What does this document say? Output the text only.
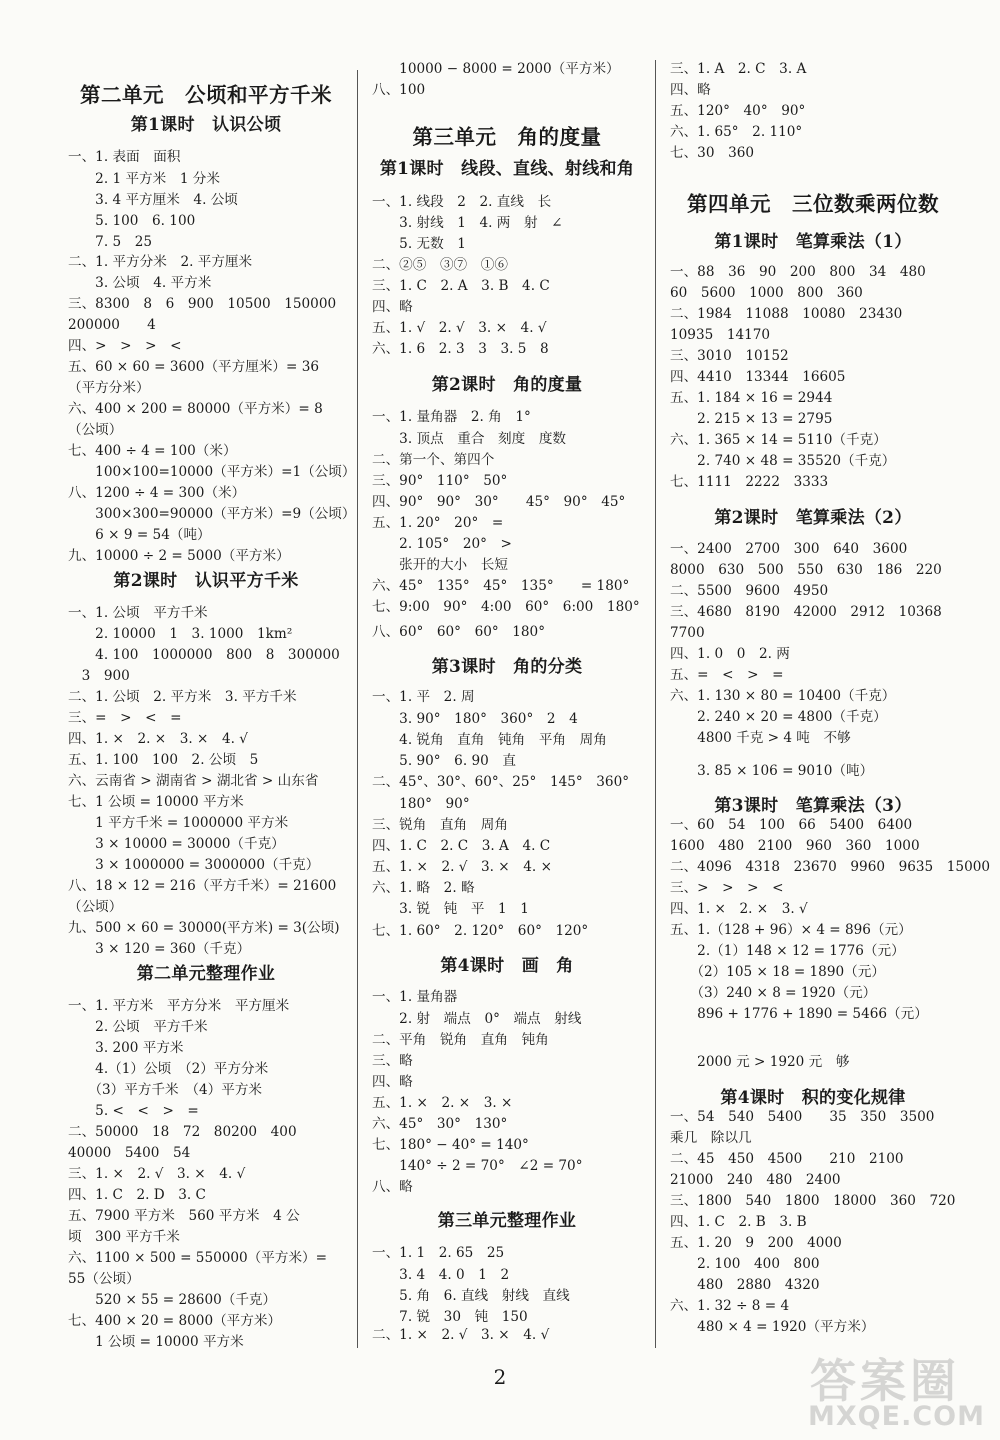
第二单元　公顷和平方千米
第1课时　认识公顷
一、1. 表面　面积
　　2. 1 平方米　1 分米
　　3. 4 平方厘米　4. 公顷
　　5. 100　6. 100
　　7. 5　25
二、1. 平方分米　2. 平方厘米
　　3. 公顷　4. 平方米
三、8300　8　6　900　10500　150000
200000　　4
四、>　>　>　<
五、60 × 60 = 3600（平方厘米）= 36
（平方分米）
六、400 × 200 = 80000（平方米）= 8
（公顷）
七、400 ÷ 4 = 100（米）
　　100×100=10000（平方米）=1（公顷）
八、1200 ÷ 4 = 300（米）
　　300×300=90000（平方米）=9（公顷）
　　6 × 9 = 54（吨）
九、10000 ÷ 2 = 5000（平方米）
第2课时　认识平方千米
一、1. 公顷　平方千米
　　2. 10000　1　3. 1000　1km²
　　4. 100　1000000　800　8　300000
　3　900
二、1. 公顷　2. 平方米　3. 平方千米
三、=　>　<　=
四、1. ×　2. ×　3. ×　4. √
五、1. 100　100　2. 公顷　5
六、云南省 > 湖南省 > 湖北省 > 山东省
七、1 公顷 = 10000 平方米
　　1 平方千米 = 1000000 平方米
　　3 × 10000 = 30000（千克）
　　3 × 1000000 = 3000000（千克）
八、18 × 12 = 216（平方千米）= 21600
（公顷）
九、500 × 60 = 30000(平方米) = 3(公顷)
　　3 × 120 = 360（千克）
第二单元整理作业
一、1. 平方米　平方分米　平方厘米
　　2. 公顷　平方千米
　　3. 200 平方米
　　4.（1）公顷　（2）平方分米
　　（3）平方千米　（4）平方米
　　5. <　<　>　=
二、50000　18　72　80200　400
40000　5400　54
三、1. ×　2. √　3. ×　4. √
四、1. C　2. D　3. C
五、7900 平方米　560 平方米　4 公
顷　300 平方千米
六、1100 × 500 = 550000（平方米）=
55（公顷）
　　520 × 55 = 28600（千克）
七、400 × 20 = 8000（平方米）
　　1 公顷 = 10000 平方米
　　10000 − 8000 = 2000（平方米）
八、100
第三单元　角的度量
第1课时　线段、直线、射线和角
一、1. 线段　2　2. 直线　长
　　3. 射线　1　4. 两　射　∠
　　5. 无数　1
二、②⑤　③⑦　①⑥
三、1. C　2. A　3. B　4. C
四、略
五、1. √　2. √　3. ×　4. √
六、1. 6　2. 3　3　3. 5　8
第2课时　角的度量
一、1. 量角器　2. 角　1°
　　3. 顶点　重合　刻度　度数
二、第一个、第四个
三、90°　110°　50°
四、90°　90°　30°　　45°　90°　45°
五、1. 20°　20°　=
　　2. 105°　20°　>
　　张开的大小　长短
六、45°　135°　45°　135°　　= 180°
七、9:00　90°　4:00　60°　6:00　180°
八、60°　60°　60°　180°
第3课时　角的分类
一、1. 平　2. 周
　　3. 90°　180°　360°　2　4
　　4. 锐角　直角　钝角　平角　周角
　　5. 90°　6. 90　直
二、45°、30°、60°、25°　145°　360°
　　180°　90°
三、锐角　直角　周角
四、1. C　2. C　3. A　4. C
五、1. ×　2. √　3. ×　4. ×
六、1. 略　2. 略
　　3. 锐　钝　平　1　1
七、1. 60°　2. 120°　60°　120°
第4课时　画　角
一、1. 量角器
　　2. 射　端点　0°　端点　射线
二、平角　锐角　直角　钝角
三、略
四、略
五、1. ×　2. ×　3. ×
六、45°　30°　130°
七、180° − 40° = 140°
　　140° ÷ 2 = 70°　∠2 = 70°
八、略
第三单元整理作业
一、1. 1　2. 65　25
　　3. 4　4. 0　1　2
　　5. 角　6. 直线　射线　直线
　　7. 锐　30　钝　150
二、1. ×　2. √　3. ×　4. √
三、1. A　2. C　3. A
四、略
五、120°　40°　90°
六、1. 65°　2. 110°
七、30　360
第四单元　三位数乘两位数
第1课时　笔算乘法（1）
一、88　36　90　200　800　34　480
60　5600　1000　800　360
二、1984　11088　10080　23430
10935　14170
三、3010　10152
四、4410　13344　16605
五、1. 184 × 16 = 2944
　　2. 215 × 13 = 2795
六、1. 365 × 14 = 5110（千克）
　　2. 740 × 48 = 35520（千克）
七、1111　2222　3333
第2课时　笔算乘法（2）
一、2400　2700　300　640　3600
8000　630　500　550　630　186　220
二、5500　9600　4950
三、4680　8190　42000　2912　10368
7700
四、1. 0　0　2. 两
五、=　<　>　=
六、1. 130 × 80 = 10400（千克）
　　2. 240 × 20 = 4800（千克）
　　4800 千克 > 4 吨　不够
　　3. 85 × 106 = 9010（吨）
第3课时　笔算乘法（3）
一、60　54　100　66　5400　6400
1600　480　2100　960　360　1000
二、4096　4318　23670　9960　9635　15000
三、>　>　>　<
四、1. ×　2. ×　3. √
五、1.（128 + 96）× 4 = 896（元）
　　2.（1）148 × 12 = 1776（元）
　　（2）105 × 18 = 1890（元）
　　（3）240 × 8 = 1920（元）
　　896 + 1776 + 1890 = 5466（元）
　　2000 元 > 1920 元　够
第4课时　积的变化规律
一、54　540　5400　　35　350　3500
乘几　除以几
二、45　450　4500　　210　2100
21000　240　480　2400
三、1800　540　1800　18000　360　720
四、1. C　2. B　3. B
五、1. 20　9　200　4000
　　2. 100　400　800
　　480　2880　4320
六、1. 32 ÷ 8 = 4
　　480 × 4 = 1920（平方米）
2	答案圈
MXQE.COM
